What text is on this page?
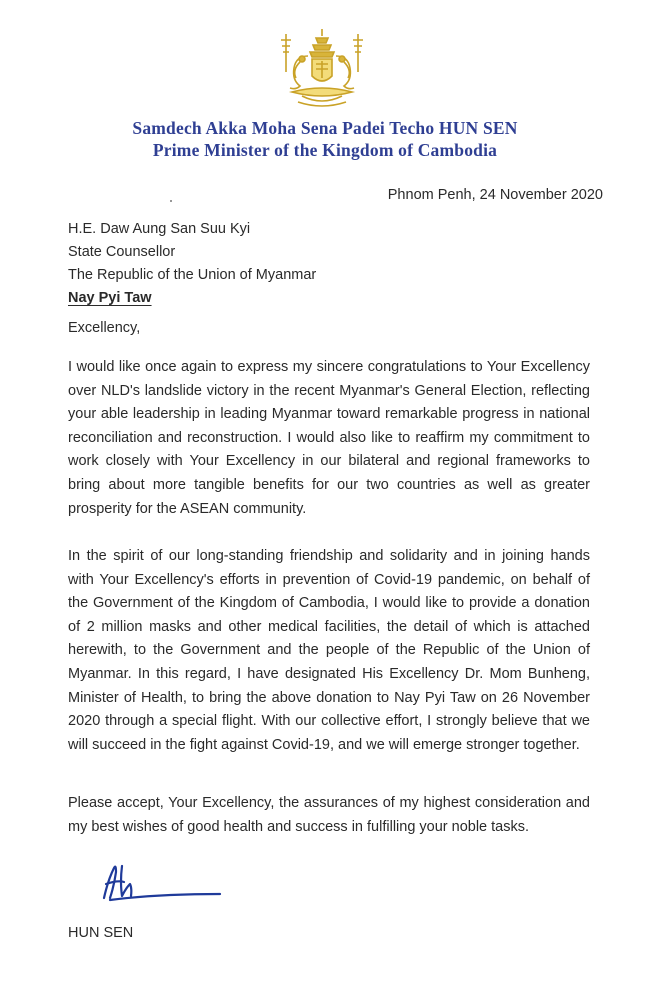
Samdech Akka Moha Sena Padei Techo HUN SEN
Prime Minister of the Kingdom of Cambodia
Phnom Penh, 24 November 2020
H.E. Daw Aung San Suu Kyi
State Counsellor
The Republic of the Union of Myanmar
Nay Pyi Taw
Excellency,

I would like once again to express my sincere congratulations to Your Excellency over NLD's landslide victory in the recent Myanmar's General Election, reflecting your able leadership in leading Myanmar toward remarkable progress in national reconciliation and reconstruction. I would also like to reaffirm my commitment to work closely with Your Excellency in our bilateral and regional frameworks to bring about more tangible benefits for our two countries as well as greater prosperity for the ASEAN community.

In the spirit of our long-standing friendship and solidarity and in joining hands with Your Excellency's efforts in prevention of Covid-19 pandemic, on behalf of the Government of the Kingdom of Cambodia, I would like to provide a donation of 2 million masks and other medical facilities, the detail of which is attached herewith, to the Government and the people of the Republic of the Union of Myanmar. In this regard, I have designated His Excellency Dr. Mom Bunheng, Minister of Health, to bring the above donation to Nay Pyi Taw on 26 November 2020 through a special flight. With our collective effort, I strongly believe that we will succeed in the fight against Covid-19, and we will emerge stronger together.

Please accept, Your Excellency, the assurances of my highest consideration and my best wishes of good health and success in fulfilling your noble tasks.

HUN SEN
